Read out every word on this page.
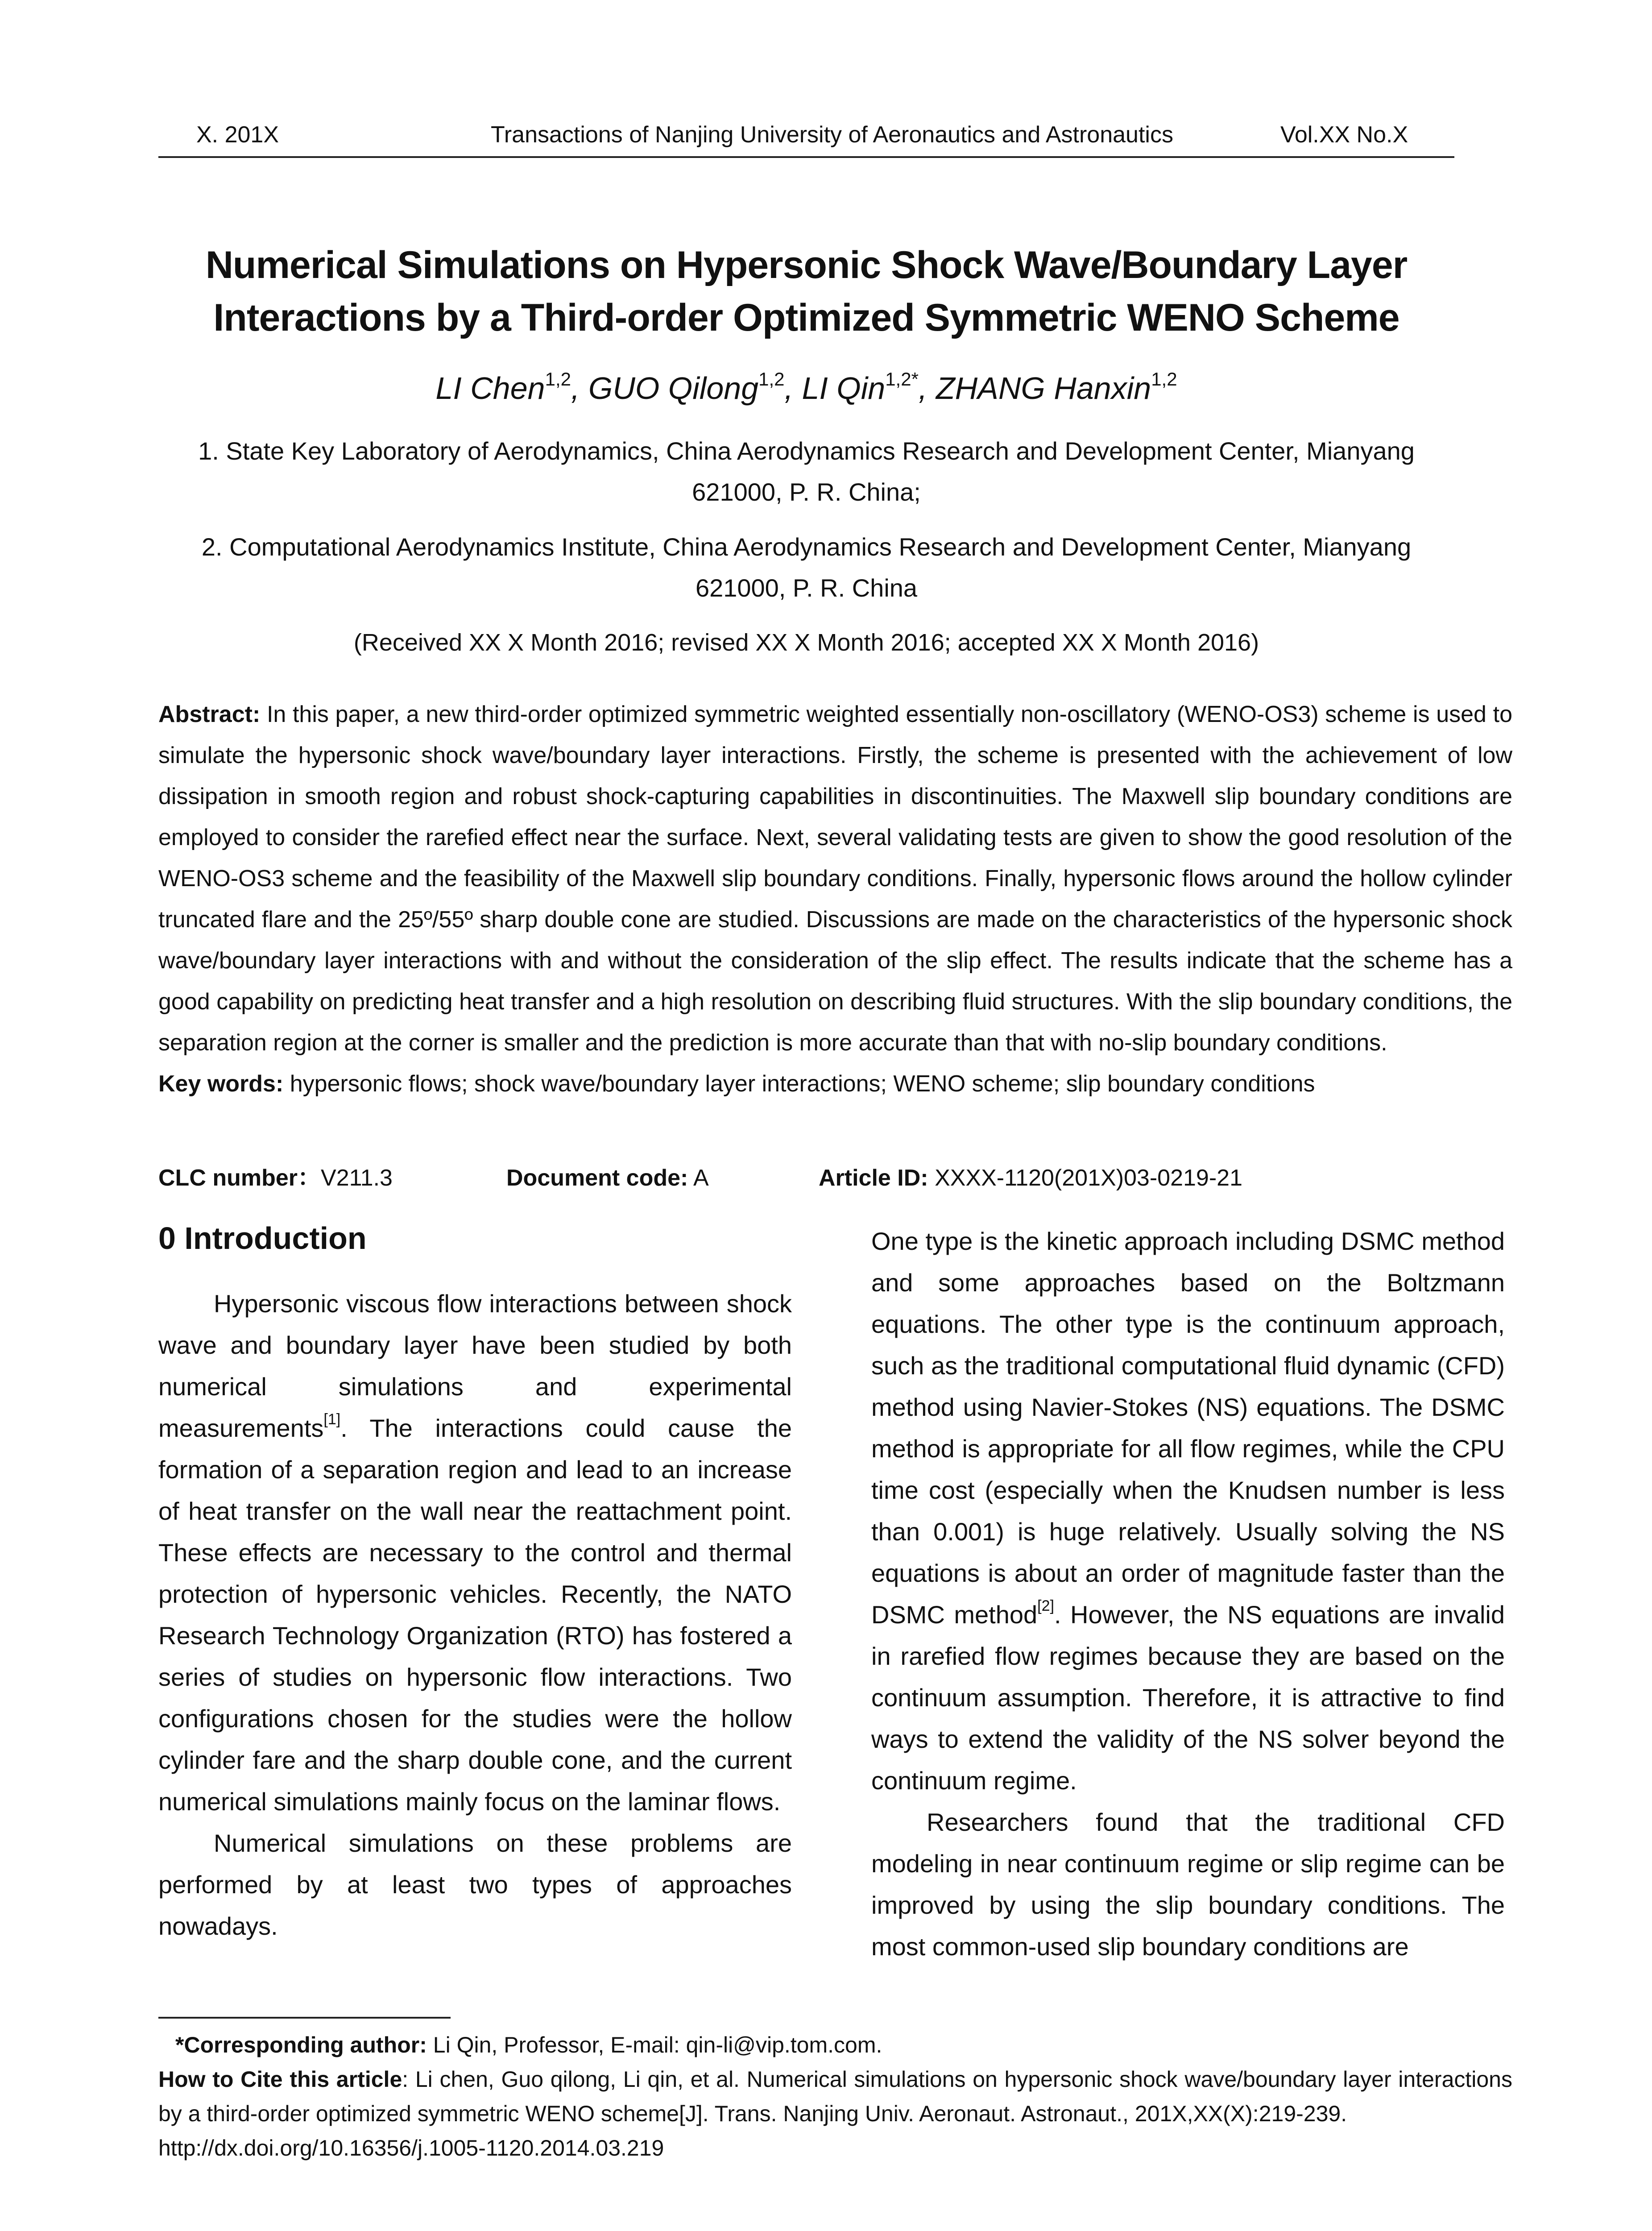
X. 201X	Transactions of Nanjing University of Aeronautics and Astronautics	Vol.XX No.X
Numerical Simulations on Hypersonic Shock Wave/Boundary Layer
Interactions by a Third-order Optimized Symmetric WENO Scheme
LI Chen$^{1,2}$, GUO Qilong$^{1,2}$, LI Qin$^{1,2*}$, ZHANG Hanxin$^{1,2}$
1. State Key Laboratory of Aerodynamics, China Aerodynamics Research and Development Center, Mianyang 621000, P. R. China;
2. Computational Aerodynamics Institute, China Aerodynamics Research and Development Center, Mianyang 621000, P. R. China
(Received XX X Month 2016; revised XX X Month 2016; accepted XX X Month 2016)
Abstract: In this paper, a new third-order optimized symmetric weighted essentially non-oscillatory (WENO-OS3) scheme is used to simulate the hypersonic shock wave/boundary layer interactions. Firstly, the scheme is presented with the achievement of low dissipation in smooth region and robust shock-capturing capabilities in discontinuities. The Maxwell slip boundary conditions are employed to consider the rarefied effect near the surface. Next, several validating tests are given to show the good resolution of the WENO-OS3 scheme and the feasibility of the Maxwell slip boundary conditions. Finally, hypersonic flows around the hollow cylinder truncated flare and the 25º/55º sharp double cone are studied. Discussions are made on the characteristics of the hypersonic shock wave/boundary layer interactions with and without the consideration of the slip effect. The results indicate that the scheme has a good capability on predicting heat transfer and a high resolution on describing fluid structures. With the slip boundary conditions, the separation region at the corner is smaller and the prediction is more accurate than that with no-slip boundary conditions.
Key words: hypersonic flows; shock wave/boundary layer interactions; WENO scheme; slip boundary conditions
CLC number：V211.3	Document code: A	Article ID: XXXX-1120(201X)03-0219-21
0 Introduction

Hypersonic viscous flow interactions between shock wave and boundary layer have been studied by both numerical simulations and experimental measurements[1]. The interactions could cause the formation of a separation region and lead to an increase of heat transfer on the wall near the reattachment point. These effects are necessary to the control and thermal protection of hypersonic vehicles. Recently, the NATO Research Technology Organization (RTO) has fostered a series of studies on hypersonic flow interactions. Two configurations chosen for the studies were the hollow cylinder fare and the sharp double cone, and the current numerical simulations mainly focus on the laminar flows.

Numerical simulations on these problems are performed by at least two types of approaches nowadays.

One type is the kinetic approach including DSMC method and some approaches based on the Boltzmann equations. The other type is the continuum approach, such as the traditional computational fluid dynamic (CFD) method using Navier-Stokes (NS) equations. The DSMC method is appropriate for all flow regimes, while the CPU time cost (especially when the Knudsen number is less than 0.001) is huge relatively. Usually solving the NS equations is about an order of magnitude faster than the DSMC method[2]. However, the NS equations are invalid in rarefied flow regimes because they are based on the continuum assumption. Therefore, it is attractive to find ways to extend the validity of the NS solver beyond the continuum regime.

Researchers found that the traditional CFD modeling in near continuum regime or slip regime can be improved by using the slip boundary conditions. The most common-used slip boundary conditions are

*Corresponding author: Li Qin, Professor, E-mail: qin-li@vip.tom.com.

How to Cite this article: Li chen, Guo qilong, Li qin, et al. Numerical simulations on hypersonic shock wave/boundary layer interactions by a third-order optimized symmetric WENO scheme[J]. Trans. Nanjing Univ. Aeronaut. Astronaut., 201X,XX(X):219-239.

http://dx.doi.org/10.16356/j.1005-1120.2014.03.219
